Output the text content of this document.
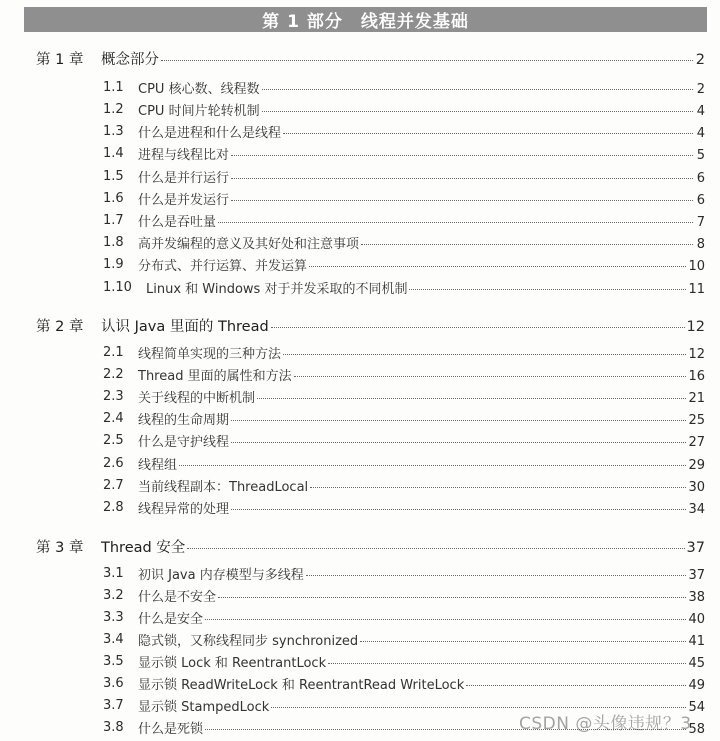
第 1 部分　线程并发基础
第 1 章 概念部分	2
1.1	CPU 核心数、线程数	2
1.2	CPU 时间片轮转机制	4
1.3	什么是进程和什么是线程	4
1.4	进程与线程比对	5
1.5	什么是并行运行	6
1.6	什么是并发运行	6
1.7	什么是吞吐量	7
1.8	高并发编程的意义及其好处和注意事项	8
1.9	分布式、并行运算、并发运算	10
1.10	Linux 和 Windows 对于并发采取的不同机制	11
第 2 章 认识 Java 里面的 Thread	12
2.1	线程简单实现的三种方法	12
2.2	Thread 里面的属性和方法	16
2.3	关于线程的中断机制	21
2.4	线程的生命周期	25
2.5	什么是守护线程	27
2.6	线程组	29
2.7	当前线程副本：ThreadLocal	30
2.8	线程异常的处理	34
第 3 章 Thread 安全	37
3.1	初识 Java 内存模型与多线程	37
3.2	什么是不安全	38
3.3	什么是安全	40
3.4	隐式锁，又称线程同步 synchronized	41
3.5	显示锁 Lock 和 ReentrantLock	45
3.6	显示锁 ReadWriteLock 和 ReentrantRead WriteLock	49
3.7	显示锁 StampedLock	54
3.8	什么是死锁	58
CSDN @头像违规？3
